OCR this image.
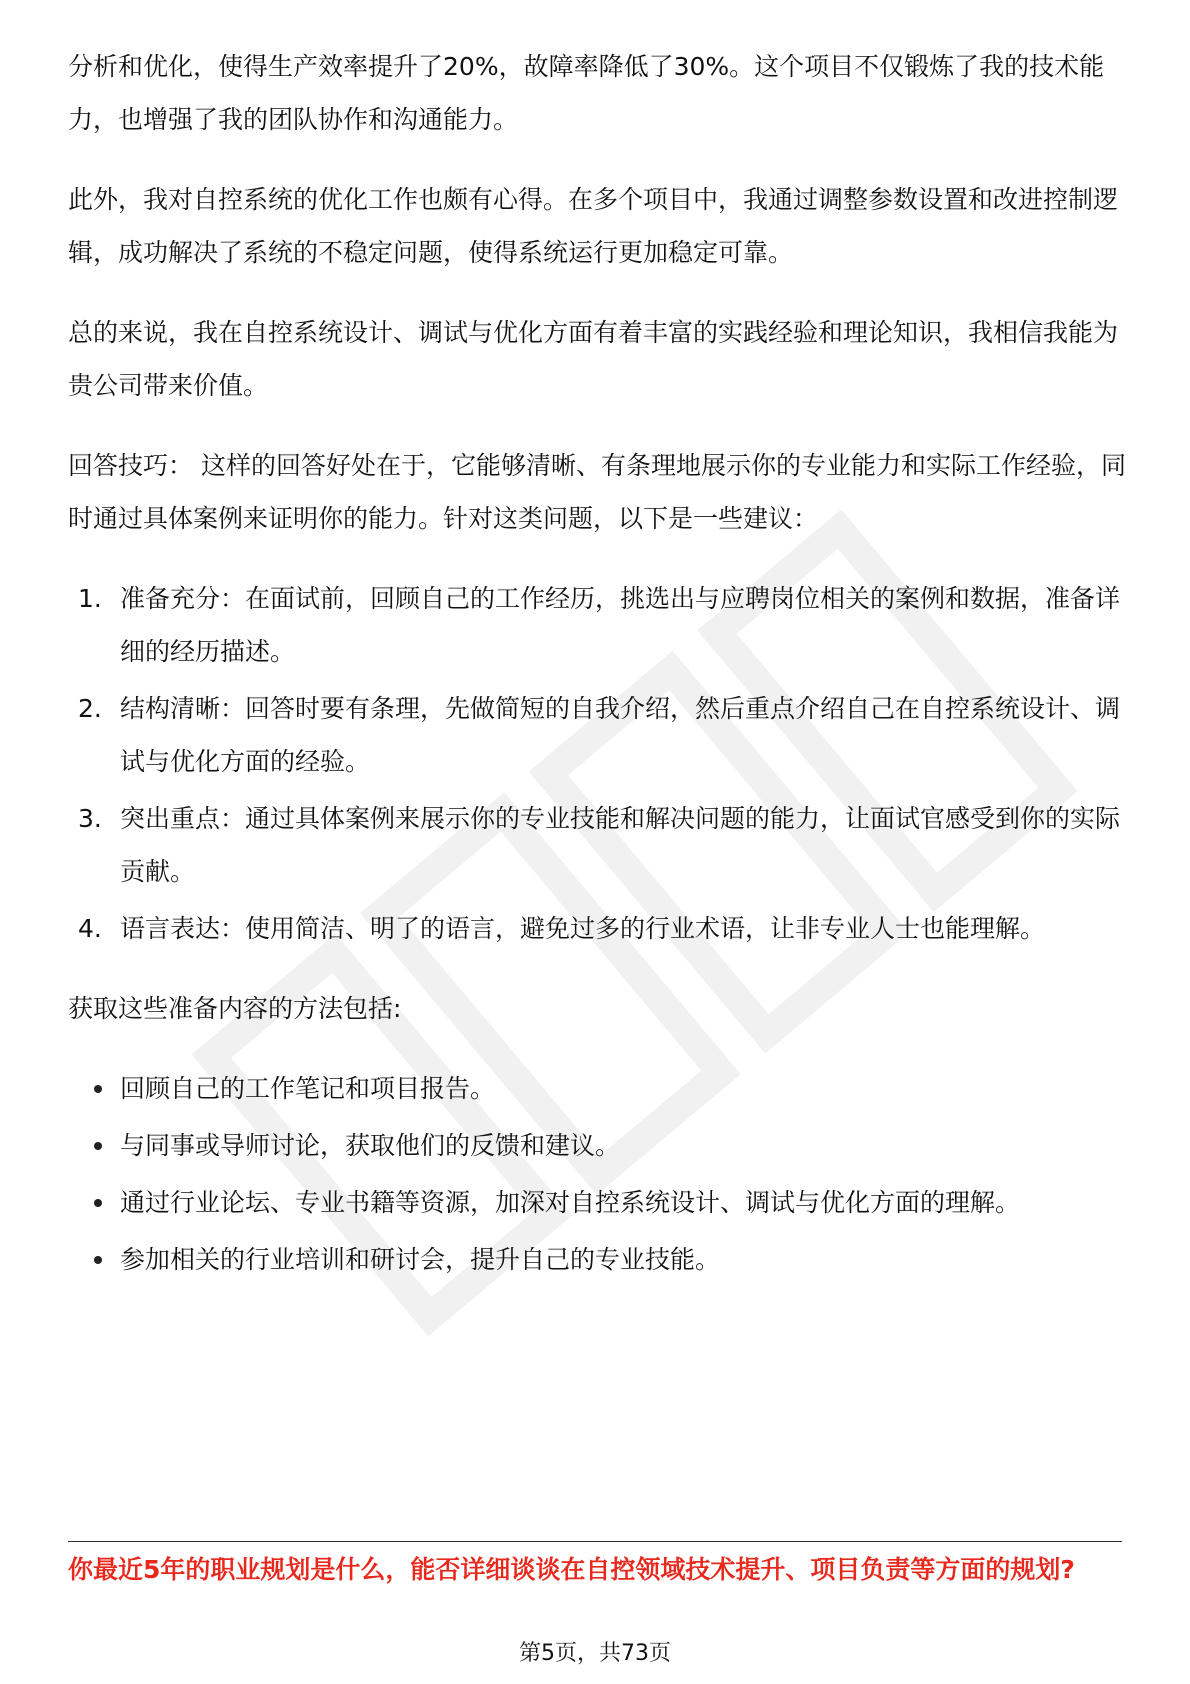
分析和优化，使得生产效率提升了20%，故障率降低了30%。这个项目不仅锻炼了我的技术能力，也增强了我的团队协作和沟通能力。

此外，我对自控系统的优化工作也颇有心得。在多个项目中，我通过调整参数设置和改进控制逻辑，成功解决了系统的不稳定问题，使得系统运行更加稳定可靠。

总的来说，我在自控系统设计、调试与优化方面有着丰富的实践经验和理论知识，我相信我能为贵公司带来价值。

回答技巧： 这样的回答好处在于，它能够清晰、有条理地展示你的专业能力和实际工作经验，同时通过具体案例来证明你的能力。针对这类问题，以下是一些建议：

1. 准备充分：在面试前，回顾自己的工作经历，挑选出与应聘岗位相关的案例和数据，准备详细的经历描述。
2. 结构清晰：回答时要有条理，先做简短的自我介绍，然后重点介绍自己在自控系统设计、调试与优化方面的经验。
3. 突出重点：通过具体案例来展示你的专业技能和解决问题的能力，让面试官感受到你的实际贡献。
4. 语言表达：使用简洁、明了的语言，避免过多的行业术语，让非专业人士也能理解。

获取这些准备内容的方法包括:

回顾自己的工作笔记和项目报告。
与同事或导师讨论，获取他们的反馈和建议。
通过行业论坛、专业书籍等资源，加深对自控系统设计、调试与优化方面的理解。
参加相关的行业培训和研讨会，提升自己的专业技能。

你最近5年的职业规划是什么，能否详细谈谈在自控领域技术提升、项目负责等方面的规划?

第5页，共73页
